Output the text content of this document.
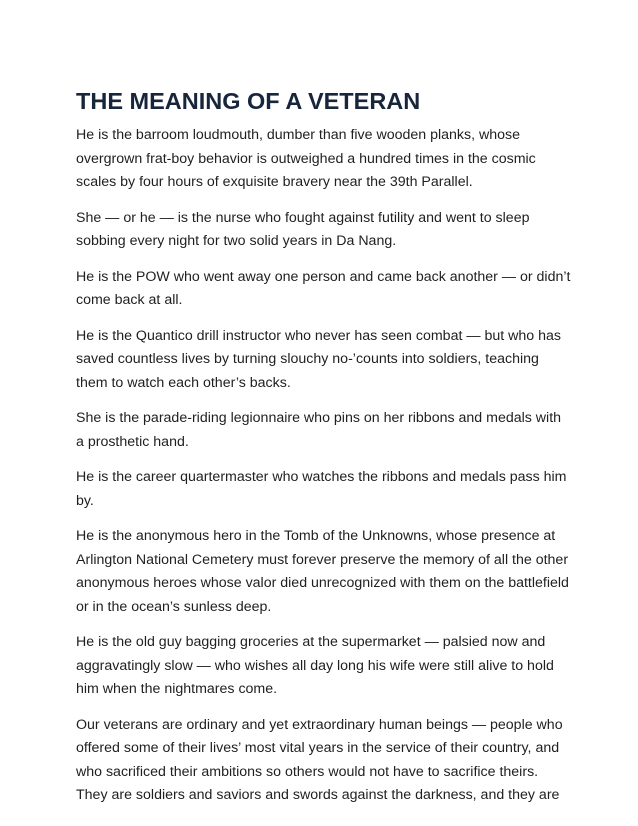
THE MEANING OF A VETERAN

He is the barroom loudmouth, dumber than five wooden planks, whose overgrown frat-boy behavior is outweighed a hundred times in the cosmic scales by four hours of exquisite bravery near the 39th Parallel.

She — or he — is the nurse who fought against futility and went to sleep sobbing every night for two solid years in Da Nang.

He is the POW who went away one person and came back another — or didn’t come back at all.

He is the Quantico drill instructor who never has seen combat — but who has saved countless lives by turning slouchy no-’counts into soldiers, teaching them to watch each other’s backs.

She is the parade-riding legionnaire who pins on her ribbons and medals with a prosthetic hand.

He is the career quartermaster who watches the ribbons and medals pass him by.

He is the anonymous hero in the Tomb of the Unknowns, whose presence at Arlington National Cemetery must forever preserve the memory of all the other anonymous heroes whose valor died unrecognized with them on the battlefield or in the ocean’s sunless deep.

He is the old guy bagging groceries at the supermarket — palsied now and aggravatingly slow — who wishes all day long his wife were still alive to hold him when the nightmares come.

Our veterans are ordinary and yet extraordinary human beings — people who offered some of their lives’ most vital years in the service of their country, and who sacrificed their ambitions so others would not have to sacrifice theirs. They are soldiers and saviors and swords against the darkness, and they are
